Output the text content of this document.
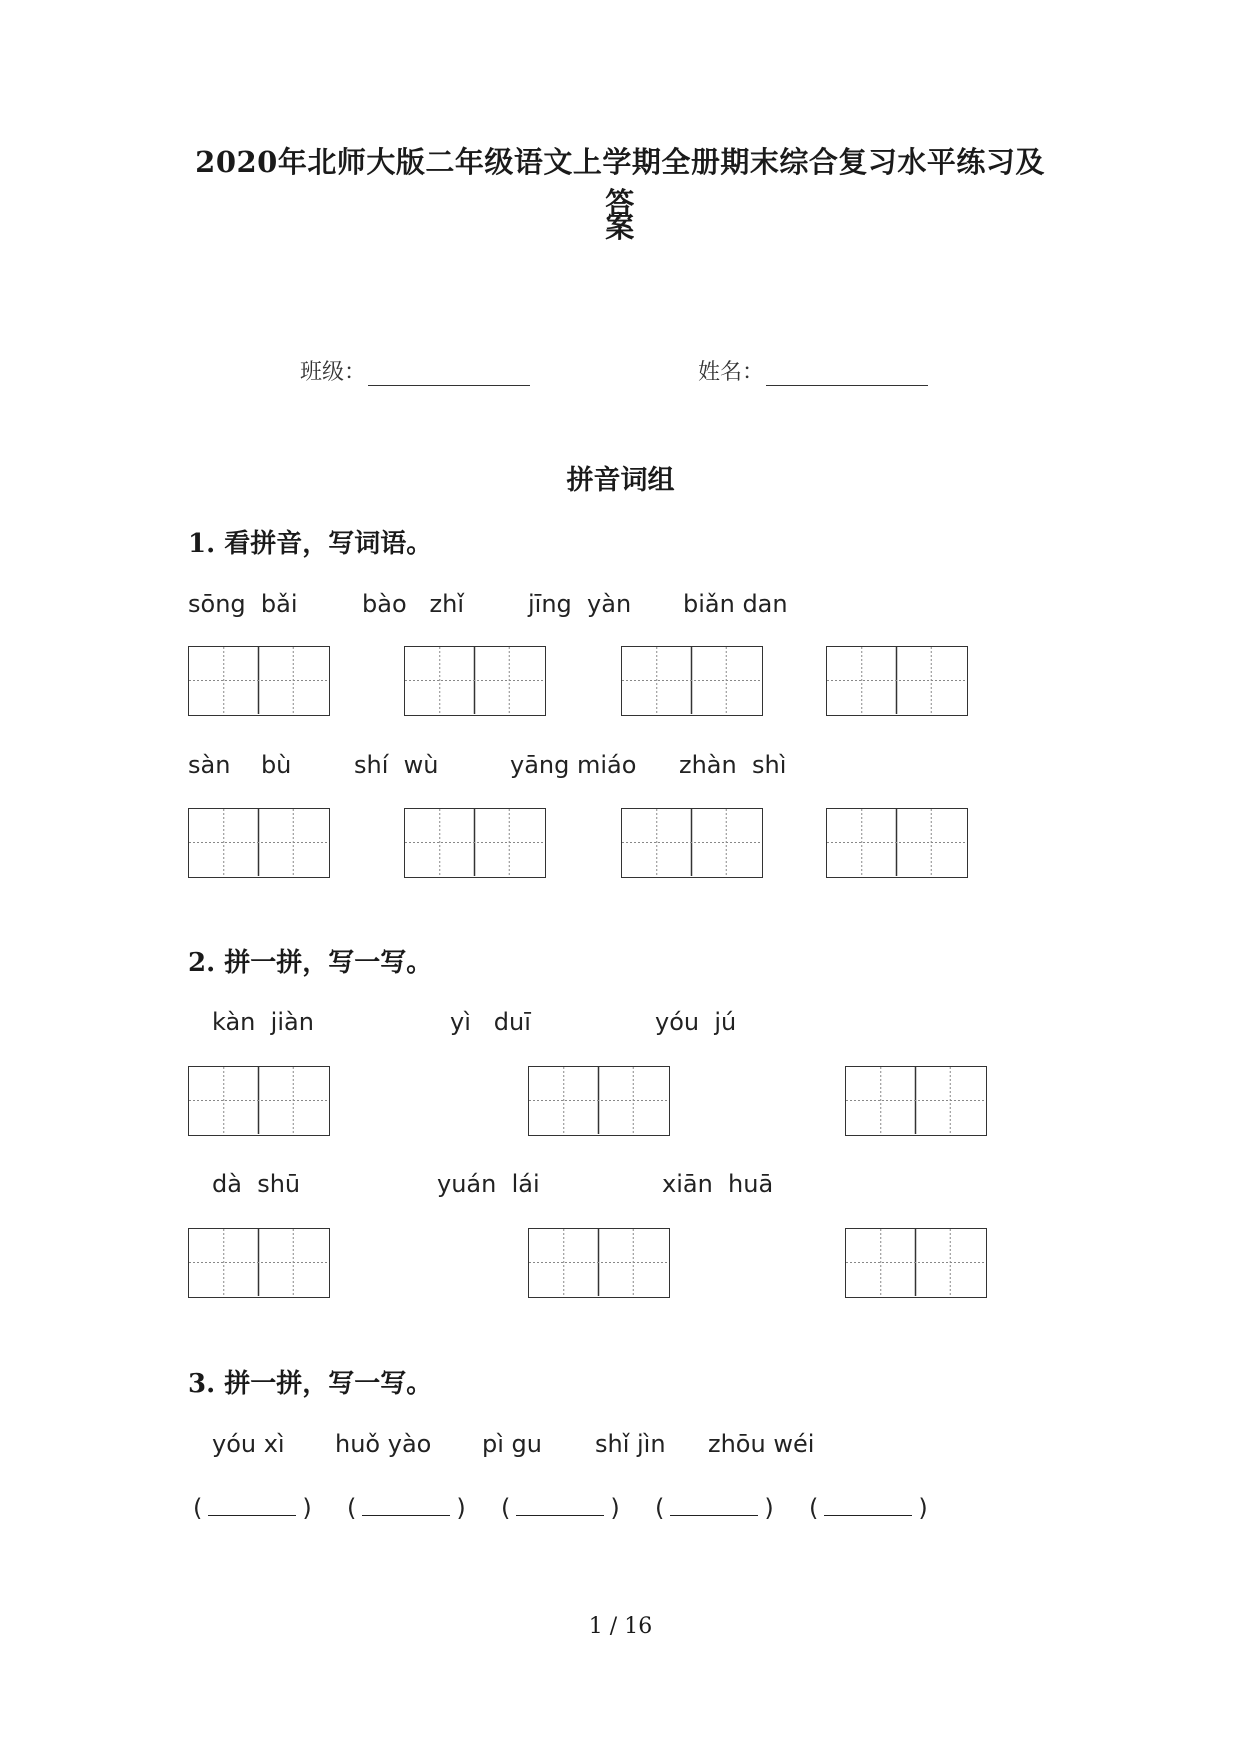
2020年北师大版二年级语文上学期全册期末综合复习水平练习及答
案
班级：	姓名：
拼音词组
1. 看拼音，写词语。
sōng  bǎi	bào   zhǐ	jīng  yàn biǎn dan
sàn    bù	shí  wù	yāng miáo zhàn  shì
2. 拼一拼，写一写。
kàn  jiàn	yì   duī	yóu  jú
dà  shū	yuán  lái	xiān  huā
3. 拼一拼，写一写。
yóu xì huǒ yào pì gu shǐ jìn zhōu wéi
(	) (	) (	) (	) (	)
1 / 16
